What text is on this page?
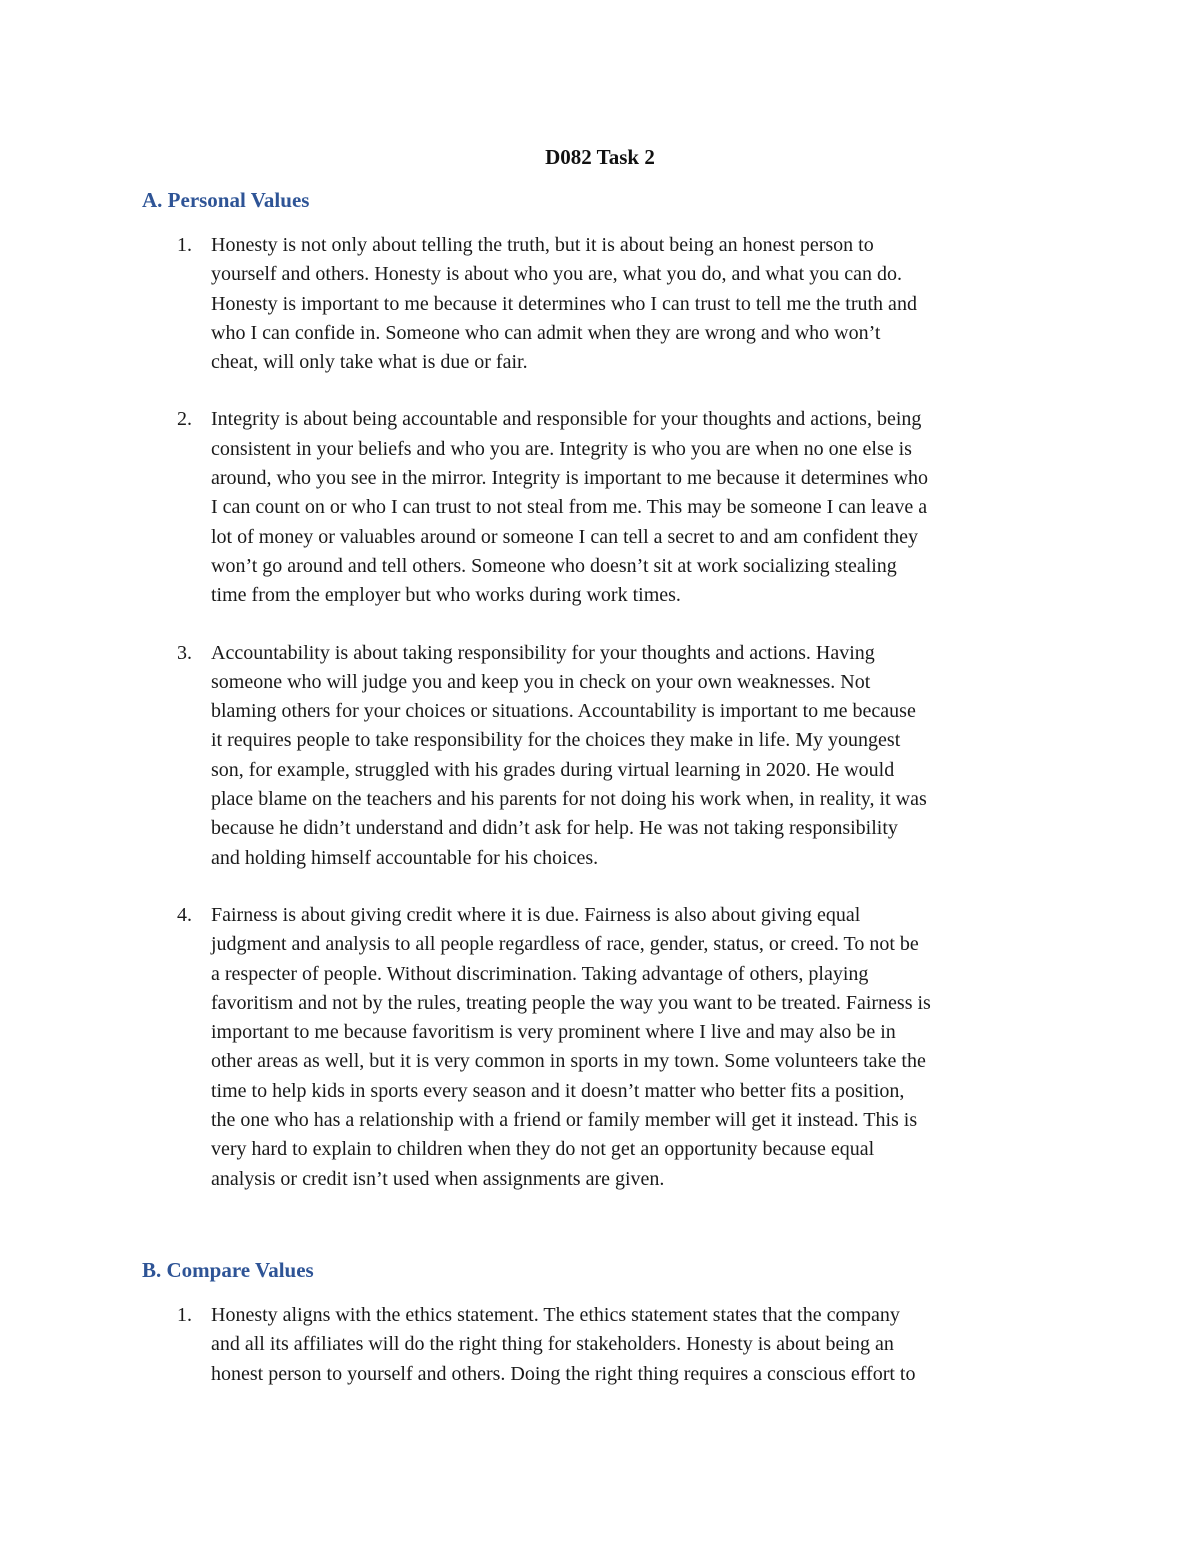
D082 Task 2
A. Personal Values
1. Honesty is not only about telling the truth, but it is about being an honest person to
yourself and others. Honesty is about who you are, what you do, and what you can do.
Honesty is important to me because it determines who I can trust to tell me the truth and
who I can confide in. Someone who can admit when they are wrong and who won’t
cheat, will only take what is due or fair.
2. Integrity is about being accountable and responsible for your thoughts and actions, being
consistent in your beliefs and who you are. Integrity is who you are when no one else is
around, who you see in the mirror. Integrity is important to me because it determines who
I can count on or who I can trust to not steal from me. This may be someone I can leave a
lot of money or valuables around or someone I can tell a secret to and am confident they
won’t go around and tell others. Someone who doesn’t sit at work socializing stealing
time from the employer but who works during work times.
3. Accountability is about taking responsibility for your thoughts and actions. Having
someone who will judge you and keep you in check on your own weaknesses. Not
blaming others for your choices or situations. Accountability is important to me because
it requires people to take responsibility for the choices they make in life. My youngest
son, for example, struggled with his grades during virtual learning in 2020. He would
place blame on the teachers and his parents for not doing his work when, in reality, it was
because he didn’t understand and didn’t ask for help. He was not taking responsibility
and holding himself accountable for his choices.
4. Fairness is about giving credit where it is due. Fairness is also about giving equal
judgment and analysis to all people regardless of race, gender, status, or creed. To not be
a respecter of people. Without discrimination. Taking advantage of others, playing
favoritism and not by the rules, treating people the way you want to be treated. Fairness is
important to me because favoritism is very prominent where I live and may also be in
other areas as well, but it is very common in sports in my town. Some volunteers take the
time to help kids in sports every season and it doesn’t matter who better fits a position,
the one who has a relationship with a friend or family member will get it instead. This is
very hard to explain to children when they do not get an opportunity because equal
analysis or credit isn’t used when assignments are given.
B. Compare Values
1. Honesty aligns with the ethics statement. The ethics statement states that the company
and all its affiliates will do the right thing for stakeholders. Honesty is about being an
honest person to yourself and others. Doing the right thing requires a conscious effort to
